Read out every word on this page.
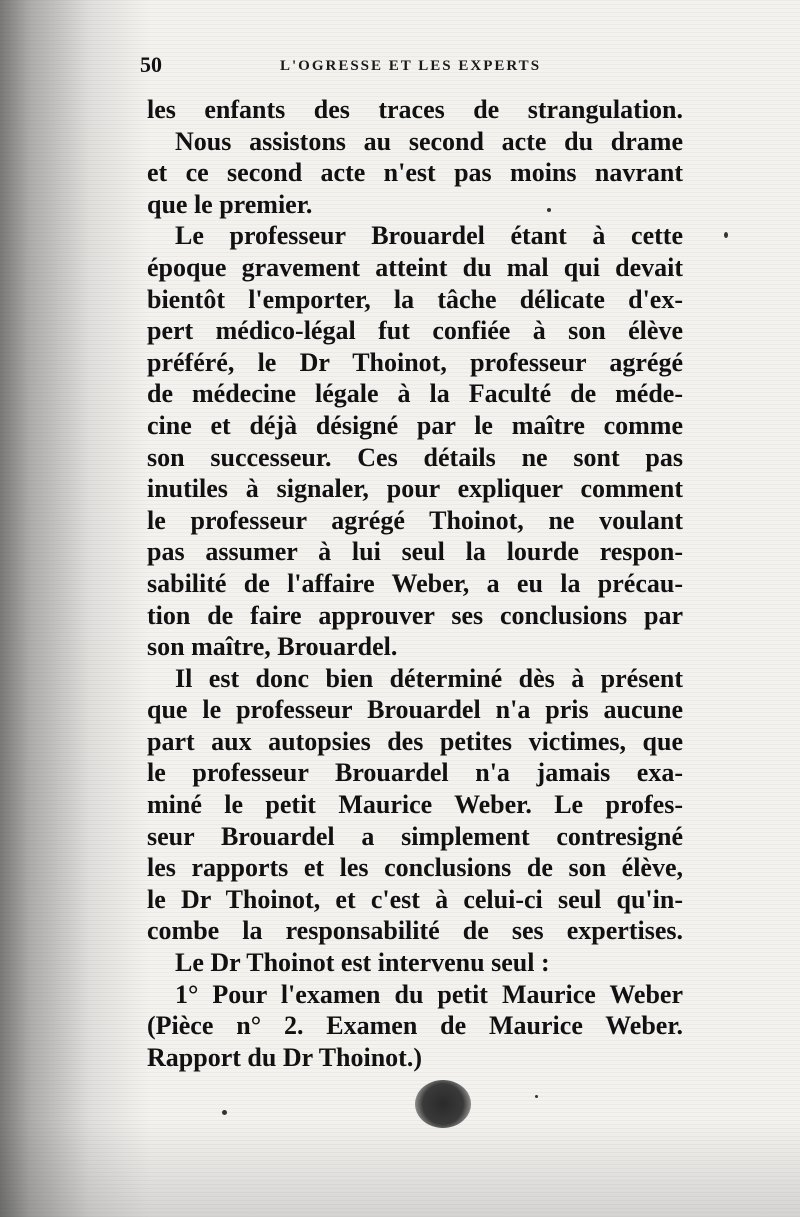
50	L'OGRESSE ET LES EXPERTS
les enfants des traces de strangulation.
Nous assistons au second acte du drame
et ce second acte n'est pas moins navrant
que le premier.
Le professeur Brouardel étant à cette
époque gravement atteint du mal qui devait
bientôt l'emporter, la tâche délicate d'ex-
pert médico-légal fut confiée à son élève
préféré, le Dr Thoinot, professeur agrégé
de médecine légale à la Faculté de méde-
cine et déjà désigné par le maître comme
son successeur. Ces détails ne sont pas
inutiles à signaler, pour expliquer comment
le professeur agrégé Thoinot, ne voulant
pas assumer à lui seul la lourde respon-
sabilité de l'affaire Weber, a eu la précau-
tion de faire approuver ses conclusions par
son maître, Brouardel.
Il est donc bien déterminé dès à présent
que le professeur Brouardel n'a pris aucune
part aux autopsies des petites victimes, que
le professeur Brouardel n'a jamais exa-
miné le petit Maurice Weber. Le profes-
seur Brouardel a simplement contresigné
les rapports et les conclusions de son élève,
le Dr Thoinot, et c'est à celui-ci seul qu'in-
combe la responsabilité de ses expertises.
Le Dr Thoinot est intervenu seul :
1° Pour l'examen du petit Maurice Weber
(Pièce n° 2. Examen de Maurice Weber.
Rapport du Dr Thoinot.)
